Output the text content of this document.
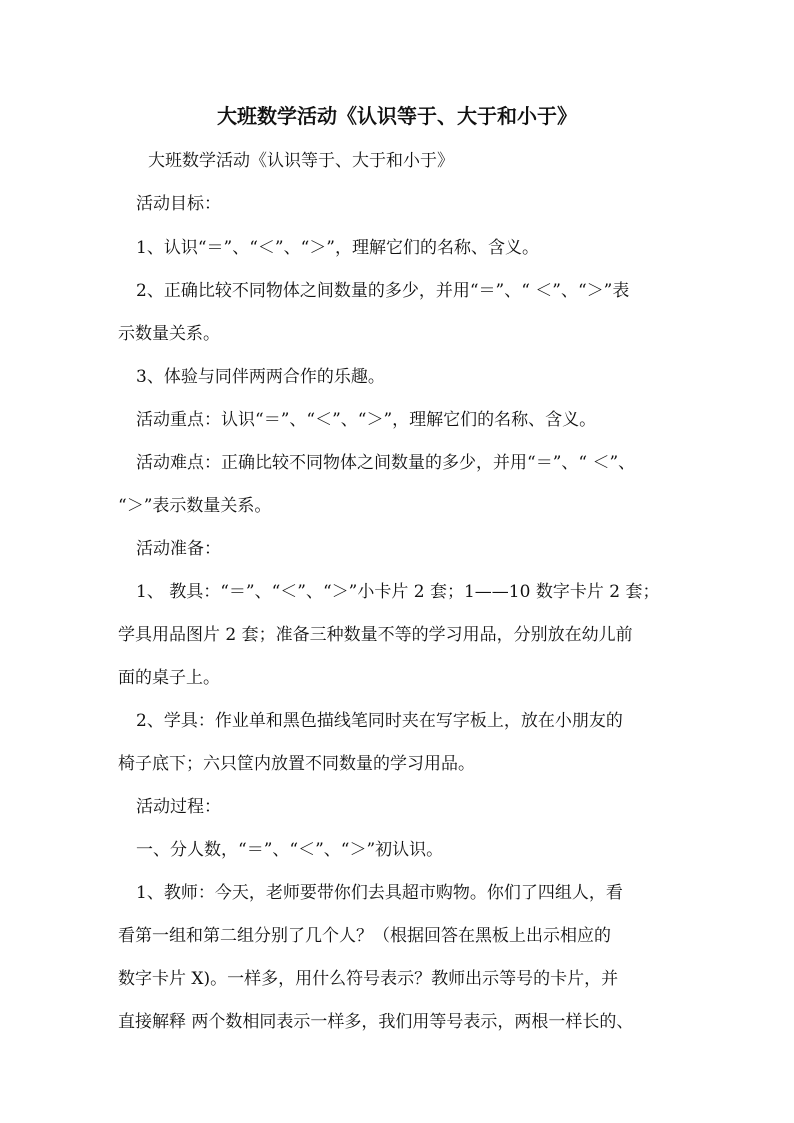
大班数学活动《认识等于、大于和小于》
大班数学活动《认识等于、大于和小于》
活动目标：
1、认识“＝”、“＜”、“＞”，理解它们的名称、含义。
2、正确比较不同物体之间数量的多少，并用“＝”、“ ＜”、“＞”表
示数量关系。
3、体验与同伴两两合作的乐趣。
活动重点：认识“＝”、“＜”、“＞”，理解它们的名称、含义。
活动难点：正确比较不同物体之间数量的多少，并用“＝”、“ ＜”、
“＞”表示数量关系。
活动准备：
1、 教具：“＝”、“＜”、“＞”小卡片 2 套；1——10 数字卡片 2 套；
学具用品图片 2 套；准备三种数量不等的学习用品，分别放在幼儿前
面的桌子上。
2、学具：作业单和黑色描线笔同时夹在写字板上，放在小朋友的
椅子底下；六只筐内放置不同数量的学习用品。
活动过程：
一、分人数，“＝”、“＜”、“＞”初认识。
1、教师：今天，老师要带你们去具超市购物。你们了四组人，看
看第一组和第二组分别了几个人？（根据回答在黑板上出示相应的
数字卡片 X)。一样多，用什么符号表示？教师出示等号的卡片，并
直接解释 两个数相同表示一样多，我们用等号表示，两根一样长的、
